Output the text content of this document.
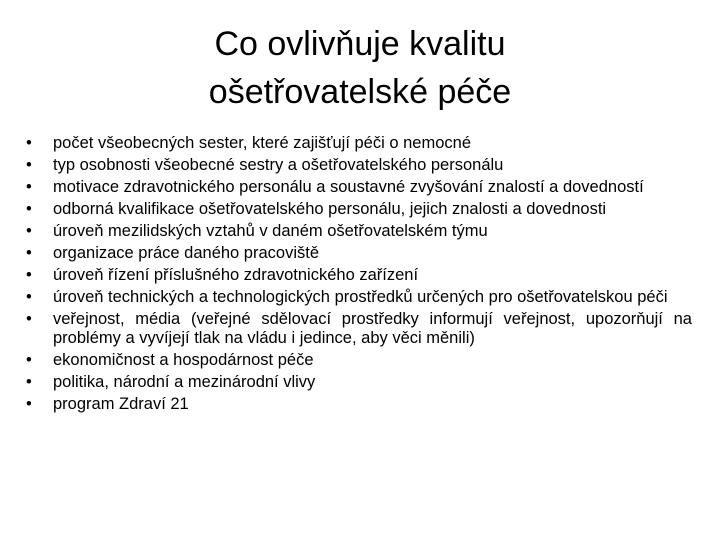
Co ovlivňuje kvalitu
ošetřovatelské péče
•	počet všeobecných sester, které zajišťují péči o nemocné
•	typ osobnosti všeobecné sestry a ošetřovatelského personálu
•	motivace zdravotnického personálu a soustavné zvyšování znalostí a dovedností
•	odborná kvalifikace ošetřovatelského personálu, jejich znalosti a dovednosti
•	úroveň mezilidských vztahů v daném ošetřovatelském týmu
•	organizace práce daného pracoviště
•	úroveň řízení příslušného zdravotnického zařízení
•	úroveň technických a technologických prostředků určených pro ošetřovatelskou péči
•	veřejnost, média (veřejné sdělovací prostředky informují veřejnost, upozorňují na problémy a vyvíjejí tlak na vládu i jedince, aby věci měnili)
•	ekonomičnost a hospodárnost péče
•	politika, národní a mezinárodní vlivy
•	program Zdraví 21
